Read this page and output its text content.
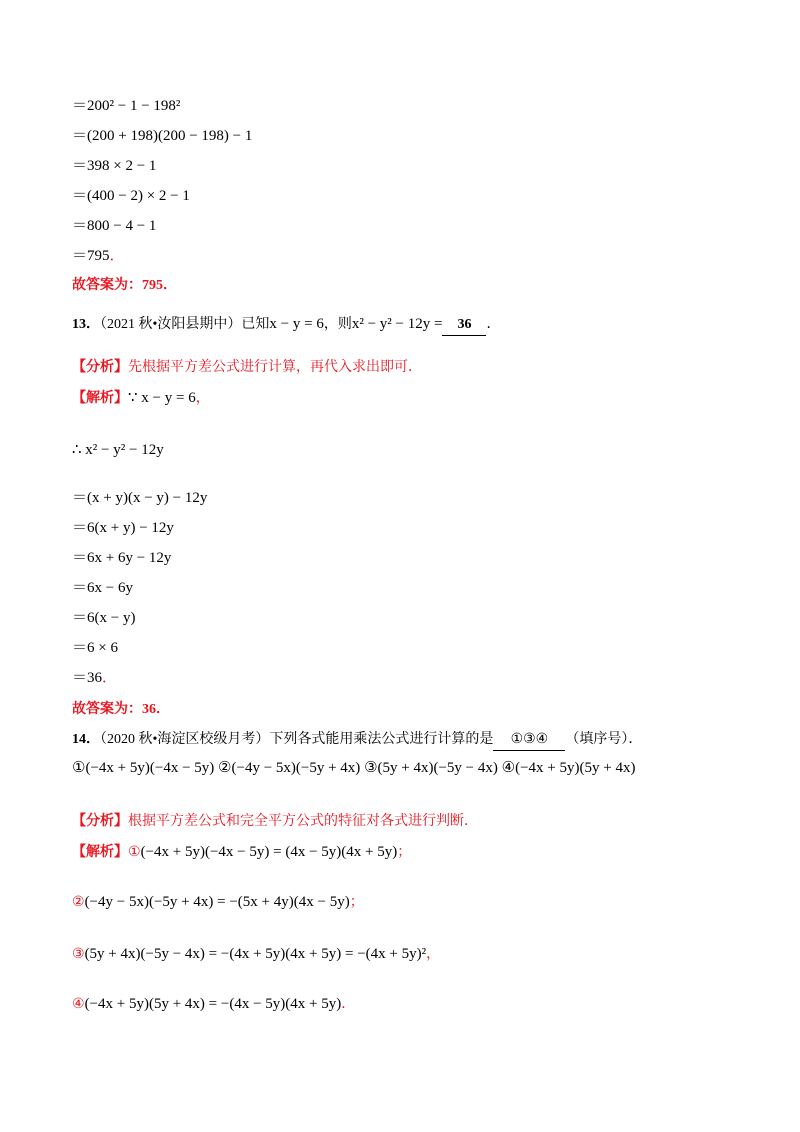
＝200² − 1 − 198²
＝(200 + 198)(200 − 198) − 1
＝398 × 2 − 1
＝(400 − 2) × 2 − 1
＝800 − 4 − 1
＝795．
故答案为：795．
13．（2021 秋•汝阳县期中）已知x − y = 6，则x² − y² − 12y = 36 ．
【分析】先根据平方差公式进行计算，再代入求出即可．
【解析】∵ x − y = 6，
∴ x² − y² − 12y
＝(x + y)(x − y) − 12y
＝6(x + y) − 12y
＝6x + 6y − 12y
＝6x − 6y
＝6(x − y)
＝6 × 6
＝36．
故答案为：36．
14．（2020 秋•海淀区校级月考）下列各式能用乘法公式进行计算的是 ①③④ （填序号）．
①(−4x + 5y)(−4x − 5y) ②(−4y − 5x)(−5y + 4x) ③(5y + 4x)(−5y − 4x) ④(−4x + 5y)(5y + 4x)
【分析】根据平方差公式和完全平方公式的特征对各式进行判断．
【解析】①(−4x + 5y)(−4x − 5y) = (4x − 5y)(4x + 5y)；
②(−4y − 5x)(−5y + 4x) = −(5x + 4y)(4x − 5y)；
③(5y + 4x)(−5y − 4x) = −(4x + 5y)(4x + 5y) = −(4x + 5y)²，
④(−4x + 5y)(5y + 4x) = −(4x − 5y)(4x + 5y)．
